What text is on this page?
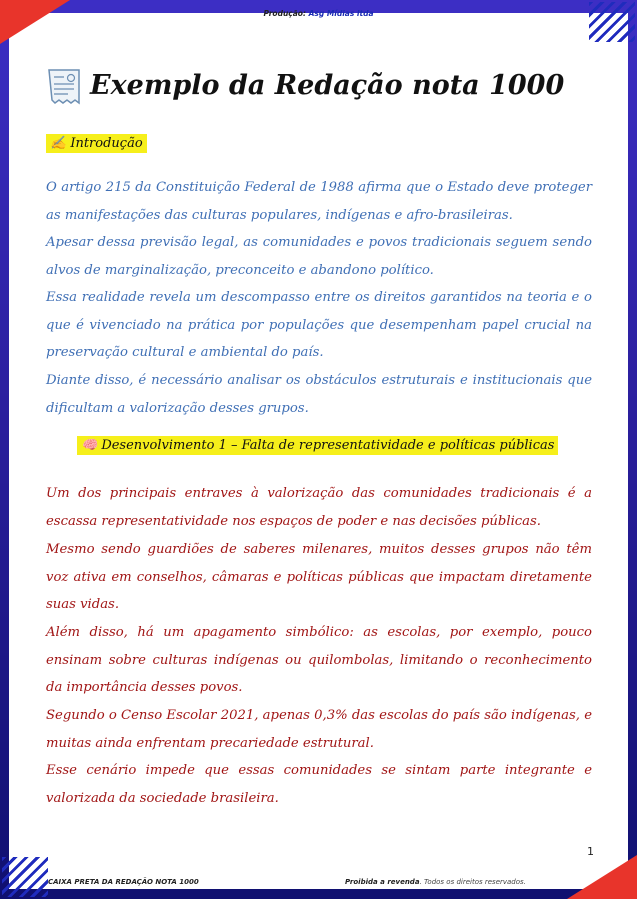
Produção: Asg Mídias ltda
Exemplo da Redação nota 1000
✍️ Introdução

O artigo 215 da Constituição Federal de 1988 afirma que o Estado deve proteger as manifestações das culturas populares, indígenas e afro-brasileiras.

Apesar dessa previsão legal, as comunidades e povos tradicionais seguem sendo alvos de marginalização, preconceito e abandono político.

Essa realidade revela um descompasso entre os direitos garantidos na teoria e o que é vivenciado na prática por populações que desempenham papel crucial na preservação cultural e ambiental do país.

Diante disso, é necessário analisar os obstáculos estruturais e institucionais que dificultam a valorização desses grupos.

🧠 Desenvolvimento 1 – Falta de representatividade e políticas públicas

Um dos principais entraves à valorização das comunidades tradicionais é a escassa representatividade nos espaços de poder e nas decisões públicas.

Mesmo sendo guardiões de saberes milenares, muitos desses grupos não têm voz ativa em conselhos, câmaras e políticas públicas que impactam diretamente suas vidas.

Além disso, há um apagamento simbólico: as escolas, por exemplo, pouco ensinam sobre culturas indígenas ou quilombolas, limitando o reconhecimento da importância desses povos.

Segundo o Censo Escolar 2021, apenas 0,3% das escolas do país são indígenas, e muitas ainda enfrentam precariedade estrutural.

Esse cenário impede que essas comunidades se sintam parte integrante e valorizada da sociedade brasileira.

1
CAIXA PRETA DA REDAÇÃO NOTA 1000	Proibida a revenda. Todos os direitos reservados.
